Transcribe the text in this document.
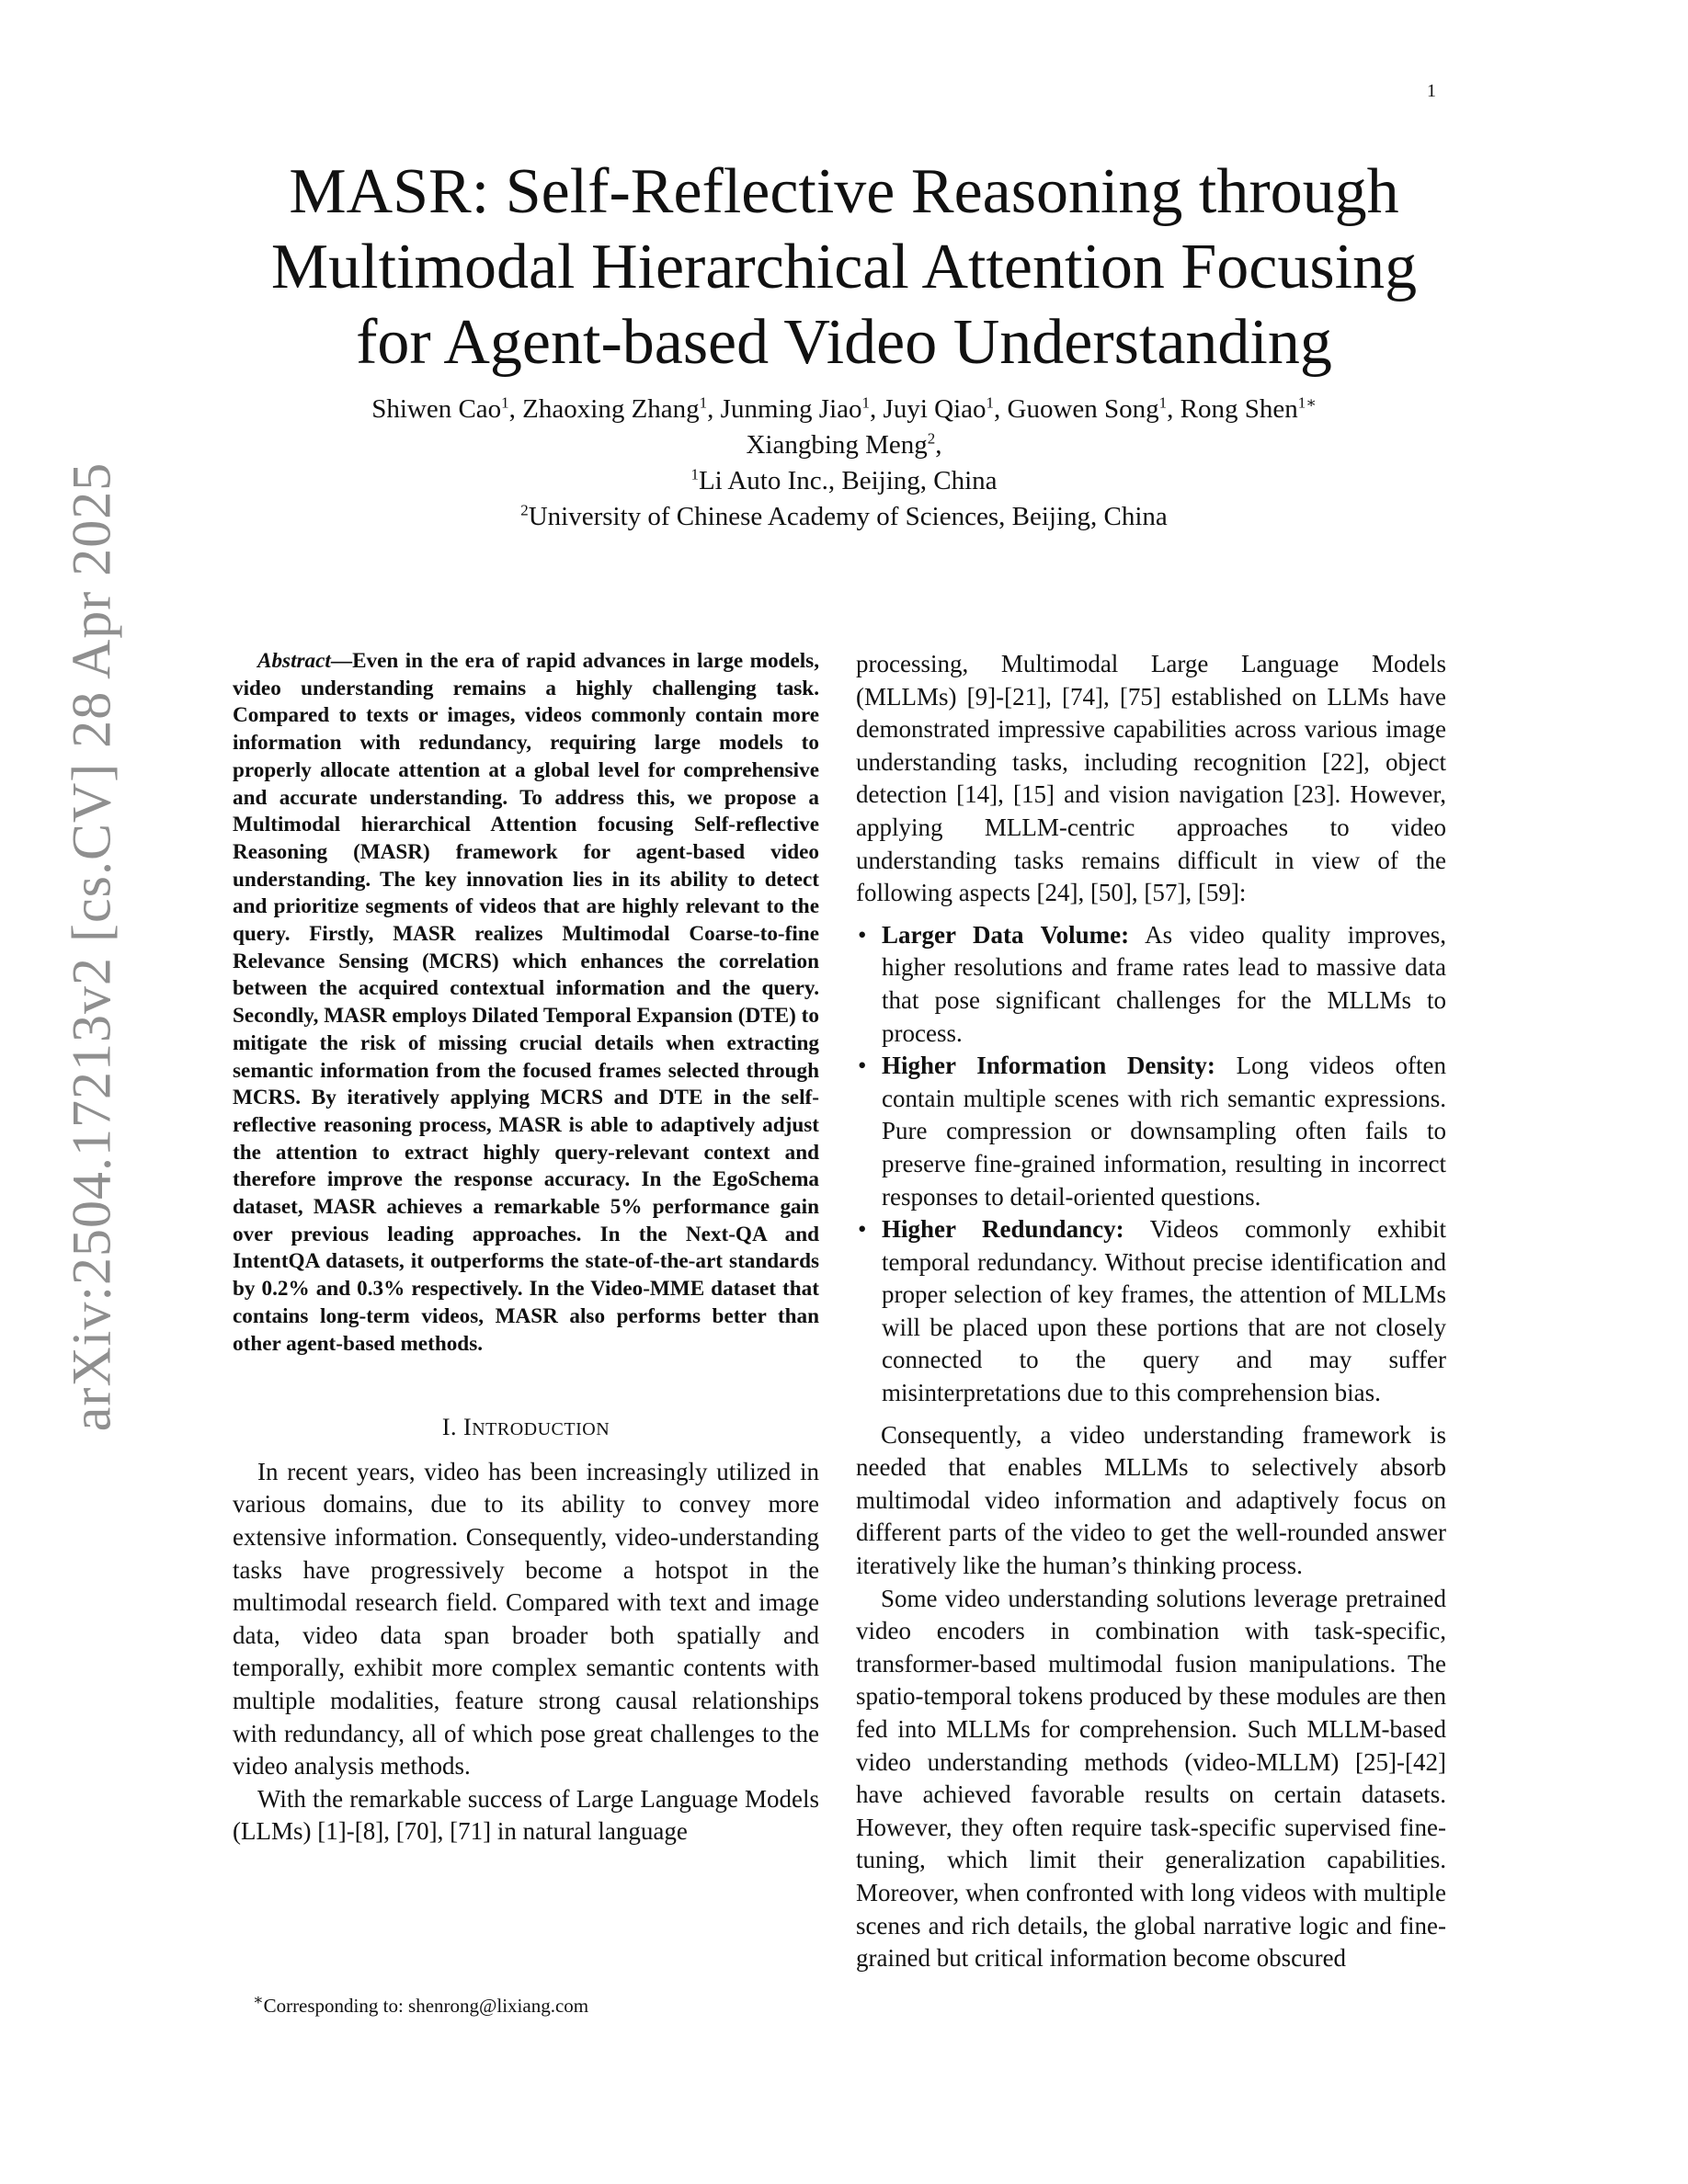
1
arXiv:2504.17213v2 [cs.CV] 28 Apr 2025
MASR: Self-Reflective Reasoning through Multimodal Hierarchical Attention Focusing for Agent-based Video Understanding
Shiwen Cao$^1$, Zhaoxing Zhang$^1$, Junming Jiao$^1$, Juyi Qiao$^1$, Guowen Song$^1$, Rong Shen$^{1∗}$
Xiangbing Meng$^2$,
$^1$Li Auto Inc., Beijing, China
$^2$University of Chinese Academy of Sciences, Beijing, China

Abstract—Even in the era of rapid advances in large models, video understanding remains a highly challenging task. Compared to texts or images, videos commonly contain more information with redundancy, requiring large models to properly allocate attention at a global level for comprehensive and accurate understanding. To address this, we propose a Multimodal hierarchical Attention focusing Self-reflective Reasoning (MASR) framework for agent-based video understanding. The key innovation lies in its ability to detect and prioritize segments of videos that are highly relevant to the query. Firstly, MASR realizes Multimodal Coarse-to-fine Relevance Sensing (MCRS) which enhances the correlation between the acquired contextual information and the query. Secondly, MASR employs Dilated Temporal Expansion (DTE) to mitigate the risk of missing crucial details when extracting semantic information from the focused frames selected through MCRS. By iteratively applying MCRS and DTE in the self-reflective reasoning process, MASR is able to adaptively adjust the attention to extract highly query-relevant context and therefore improve the response accuracy. In the EgoSchema dataset, MASR achieves a remarkable 5% performance gain over previous leading approaches. In the Next-QA and IntentQA datasets, it outperforms the state-of-the-art standards by 0.2% and 0.3% respectively. In the Video-MME dataset that contains long-term videos, MASR also performs better than other agent-based methods.

I. INTRODUCTION

In recent years, video has been increasingly utilized in various domains, due to its ability to convey more extensive information. Consequently, video-understanding tasks have progressively become a hotspot in the multimodal research field. Compared with text and image data, video data span broader both spatially and temporally, exhibit more complex semantic contents with multiple modalities, feature strong causal relationships with redundancy, all of which pose great challenges to the video analysis methods.

With the remarkable success of Large Language Models (LLMs) [1]-[8], [70], [71] in natural language

processing, Multimodal Large Language Models (MLLMs) [9]-[21], [74], [75] established on LLMs have demonstrated impressive capabilities across various image understanding tasks, including recognition [22], object detection [14], [15] and vision navigation [23]. However, applying MLLM-centric approaches to video understanding tasks remains difficult in view of the following aspects [24], [50], [57], [59]:

• Larger Data Volume: As video quality improves, higher resolutions and frame rates lead to massive data that pose significant challenges for the MLLMs to process.
• Higher Information Density: Long videos often contain multiple scenes with rich semantic expressions. Pure compression or downsampling often fails to preserve fine-grained information, resulting in incorrect responses to detail-oriented questions.
• Higher Redundancy: Videos commonly exhibit temporal redundancy. Without precise identification and proper selection of key frames, the attention of MLLMs will be placed upon these portions that are not closely connected to the query and may suffer misinterpretations due to this comprehension bias.

Consequently, a video understanding framework is needed that enables MLLMs to selectively absorb multimodal video information and adaptively focus on different parts of the video to get the well-rounded answer iteratively like the human’s thinking process.

Some video understanding solutions leverage pretrained video encoders in combination with task-specific, transformer-based multimodal fusion manipulations. The spatio-temporal tokens produced by these modules are then fed into MLLMs for comprehension. Such MLLM-based video understanding methods (video-MLLM) [25]-[42] have achieved favorable results on certain datasets. However, they often require task-specific supervised fine-tuning, which limit their generalization capabilities. Moreover, when confronted with long videos with multiple scenes and rich details, the global narrative logic and fine-grained but critical information become obscured

∗Corresponding to: shenrong@lixiang.com
